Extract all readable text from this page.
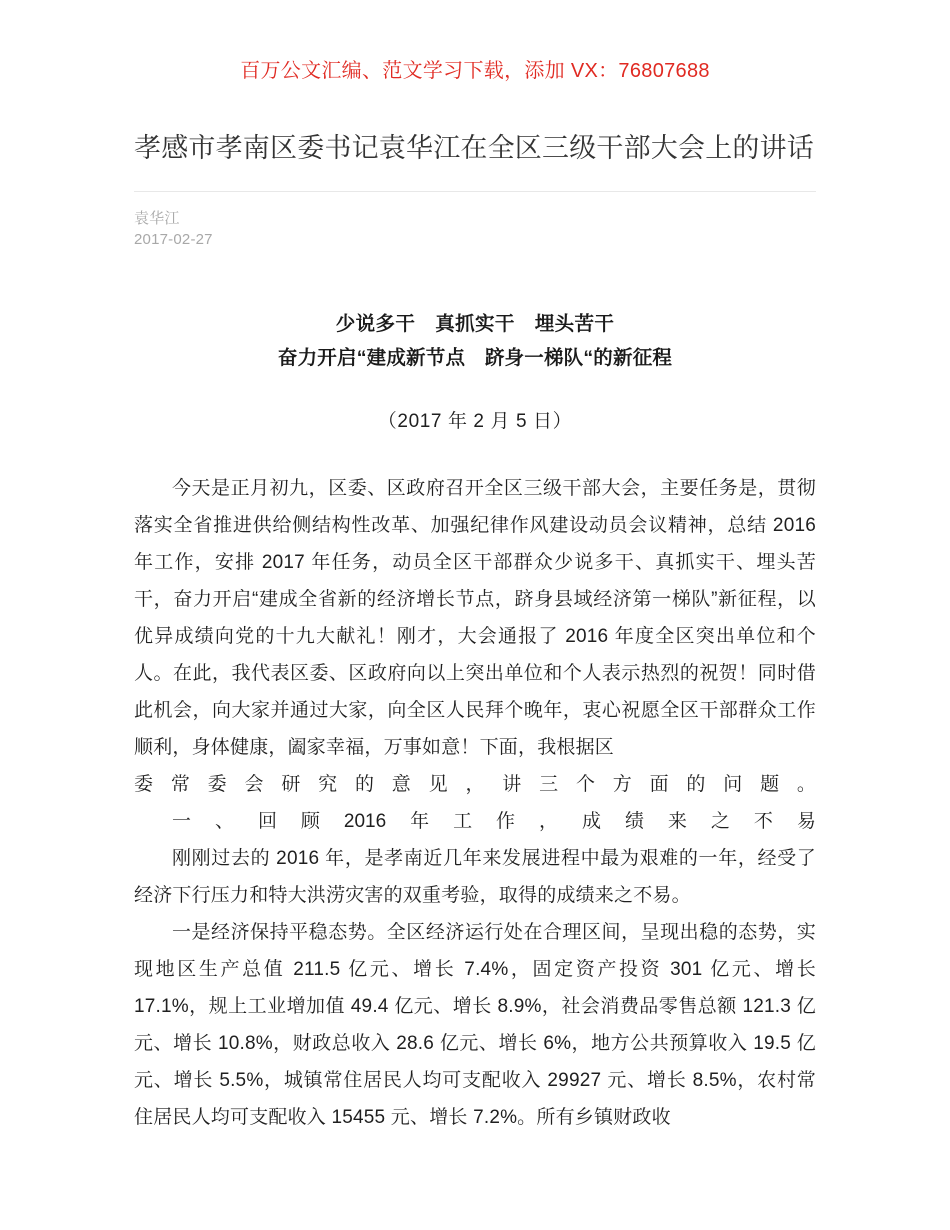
百万公文汇编、范文学习下载，添加 VX：76807688
孝感市孝南区委书记袁华江在全区三级干部大会上的讲话
袁华江
2017-02-27
少说多干　真抓实干　埋头苦干
奋力开启“建成新节点　跻身一梯队“的新征程
（2017 年 2 月 5 日）

今天是正月初九，区委、区政府召开全区三级干部大会，主要任务是，贯彻落实全省推进供给侧结构性改革、加强纪律作风建设动员会议精神，总结 2016 年工作，安排 2017 年任务，动员全区干部群众少说多干、真抓实干、埋头苦干，奋力开启“建成全省新的经济增长节点，跻身县域经济第一梯队”新征程，以优异成绩向党的十九大献礼！刚才，大会通报了 2016 年度全区突出单位和个人。在此，我代表区委、区政府向以上突出单位和个人表示热烈的祝贺！同时借此机会，向大家并通过大家，向全区人民拜个晚年，衷心祝愿全区干部群众工作顺利，身体健康，阖家幸福，万事如意！下面，我根据区

委 常 委 会 研 究 的 意 见 ， 讲 三 个 方 面 的 问 题 。
一 、 回 顾 2016 年 工 作 ， 成 绩 来 之 不 易

刚刚过去的 2016 年，是孝南近几年来发展进程中最为艰难的一年，经受了经济下行压力和特大洪涝灾害的双重考验，取得的成绩来之不易。

一是经济保持平稳态势。全区经济运行处在合理区间，呈现出稳的态势，实现地区生产总值 211.5 亿元、增长 7.4%，固定资产投资 301 亿元、增长 17.1%，规上工业增加值 49.4 亿元、增长 8.9%，社会消费品零售总额 121.3 亿元、增长 10.8%，财政总收入 28.6 亿元、增长 6%，地方公共预算收入 19.5 亿元、增长 5.5%，城镇常住居民人均可支配收入 29927 元、增长 8.5%，农村常住居民人均可支配收入 15455 元、增长 7.2%。所有乡镇财政收
